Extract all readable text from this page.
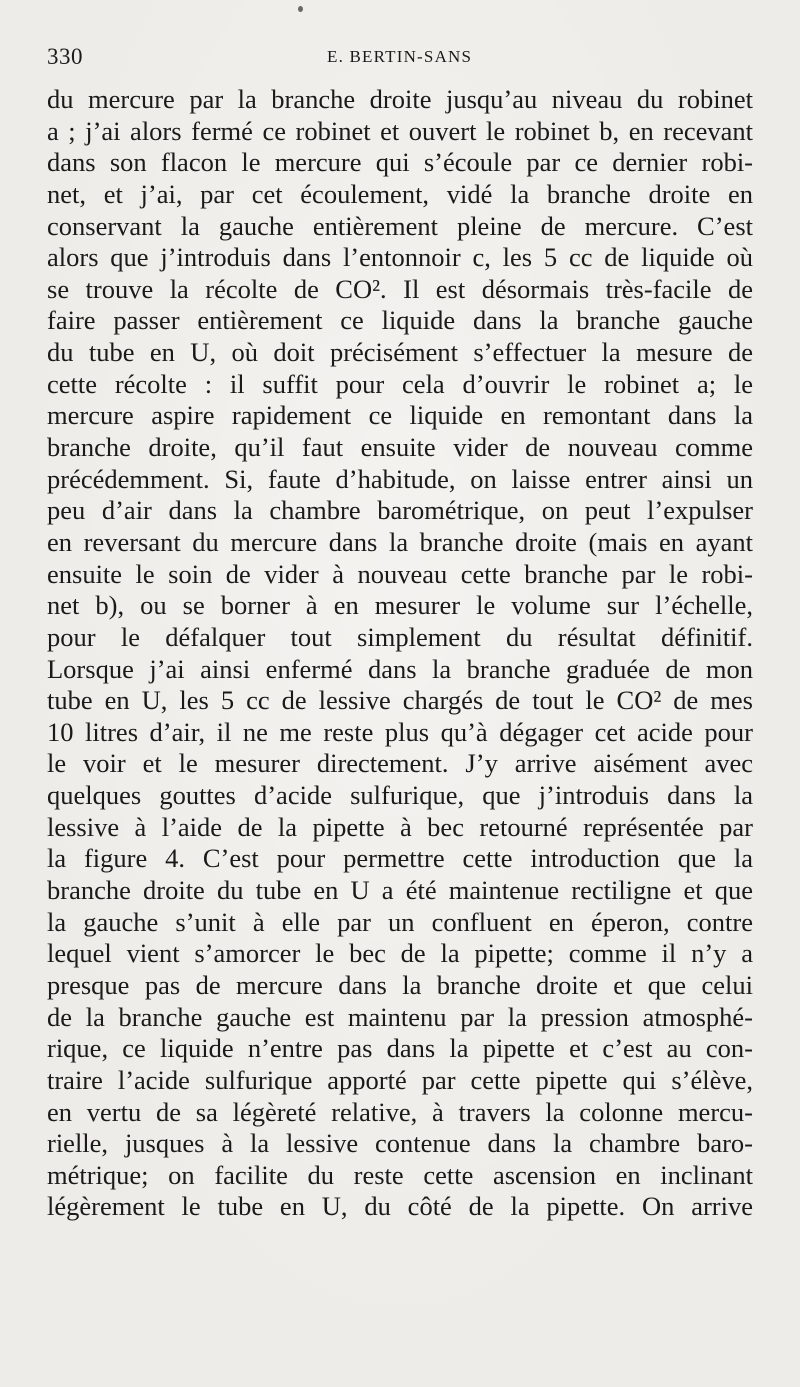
330	E. BERTIN-SANS
du mercure par la branche droite jusqu’au niveau du robinet
a ; j’ai alors fermé ce robinet et ouvert le robinet b, en recevant
dans son flacon le mercure qui s’écoule par ce dernier robi-
net, et j’ai, par cet écoulement, vidé la branche droite en
conservant la gauche entièrement pleine de mercure. C’est
alors que j’introduis dans l’entonnoir c, les 5 cc de liquide où
se trouve la récolte de CO². Il est désormais très-facile de
faire passer entièrement ce liquide dans la branche gauche
du tube en U, où doit précisément s’effectuer la mesure de
cette récolte : il suffit pour cela d’ouvrir le robinet a; le
mercure aspire rapidement ce liquide en remontant dans la
branche droite, qu’il faut ensuite vider de nouveau comme
précédemment. Si, faute d’habitude, on laisse entrer ainsi un
peu d’air dans la chambre barométrique, on peut l’expulser
en reversant du mercure dans la branche droite (mais en ayant
ensuite le soin de vider à nouveau cette branche par le robi-
net b), ou se borner à en mesurer le volume sur l’échelle,
pour le défalquer tout simplement du résultat définitif.
Lorsque j’ai ainsi enfermé dans la branche graduée de mon
tube en U, les 5 cc de lessive chargés de tout le CO² de mes
10 litres d’air, il ne me reste plus qu’à dégager cet acide pour
le voir et le mesurer directement. J’y arrive aisément avec
quelques gouttes d’acide sulfurique, que j’introduis dans la
lessive à l’aide de la pipette à bec retourné représentée par
la figure 4. C’est pour permettre cette introduction que la
branche droite du tube en U a été maintenue rectiligne et que
la gauche s’unit à elle par un confluent en éperon, contre
lequel vient s’amorcer le bec de la pipette; comme il n’y a
presque pas de mercure dans la branche droite et que celui
de la branche gauche est maintenu par la pression atmosphé-
rique, ce liquide n’entre pas dans la pipette et c’est au con-
traire l’acide sulfurique apporté par cette pipette qui s’élève,
en vertu de sa légèreté relative, à travers la colonne mercu-
rielle, jusques à la lessive contenue dans la chambre baro-
métrique; on facilite du reste cette ascension en inclinant
légèrement le tube en U, du côté de la pipette. On arrive
